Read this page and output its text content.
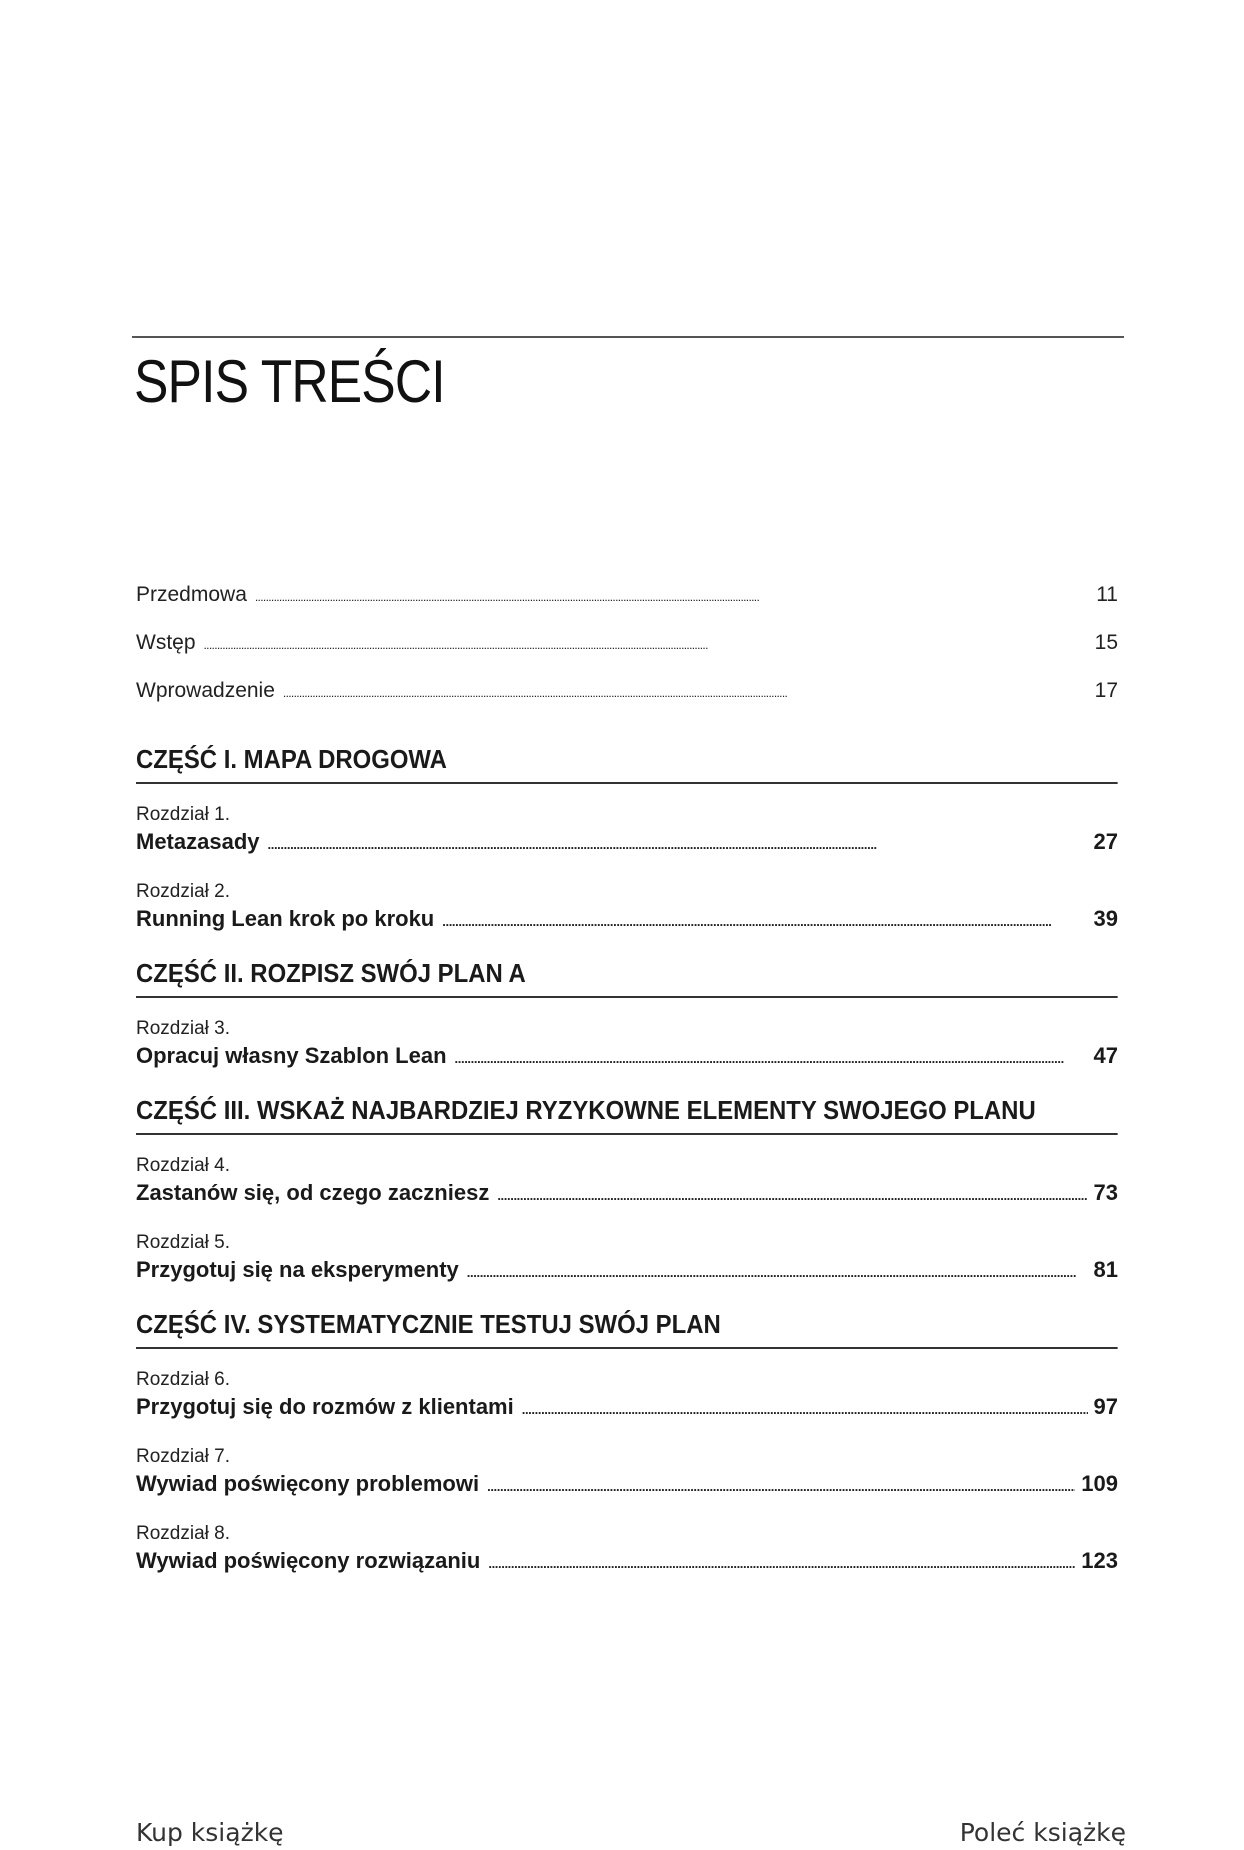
SPIS TREŚCI
Przedmowa . . .	11
Wstęp . . .	15
Wprowadzenie . . .	17
CZĘŚĆ I. MAPA DROGOWA
Rozdział 1.
Metazasady . . .	27
Rozdział 2.
Running Lean krok po kroku . . .	39
CZĘŚĆ II. ROZPISZ SWÓJ PLAN A
Rozdział 3.
Opracuj własny Szablon Lean . . .	47
CZĘŚĆ III. WSKAŻ NAJBARDZIEJ RYZYKOWNE ELEMENTY SWOJEGO PLANU
Rozdział 4.
Zastanów się, od czego zaczniesz . . .	73
Rozdział 5.
Przygotuj się na eksperymenty . . .	81
CZĘŚĆ IV. SYSTEMATYCZNIE TESTUJ SWÓJ PLAN
Rozdział 6.
Przygotuj się do rozmów z klientami . . .	97
Rozdział 7.
Wywiad poświęcony problemowi . . .	109
Rozdział 8.
Wywiad poświęcony rozwiązaniu . . .	123
Kup książkę	Poleć książkę
